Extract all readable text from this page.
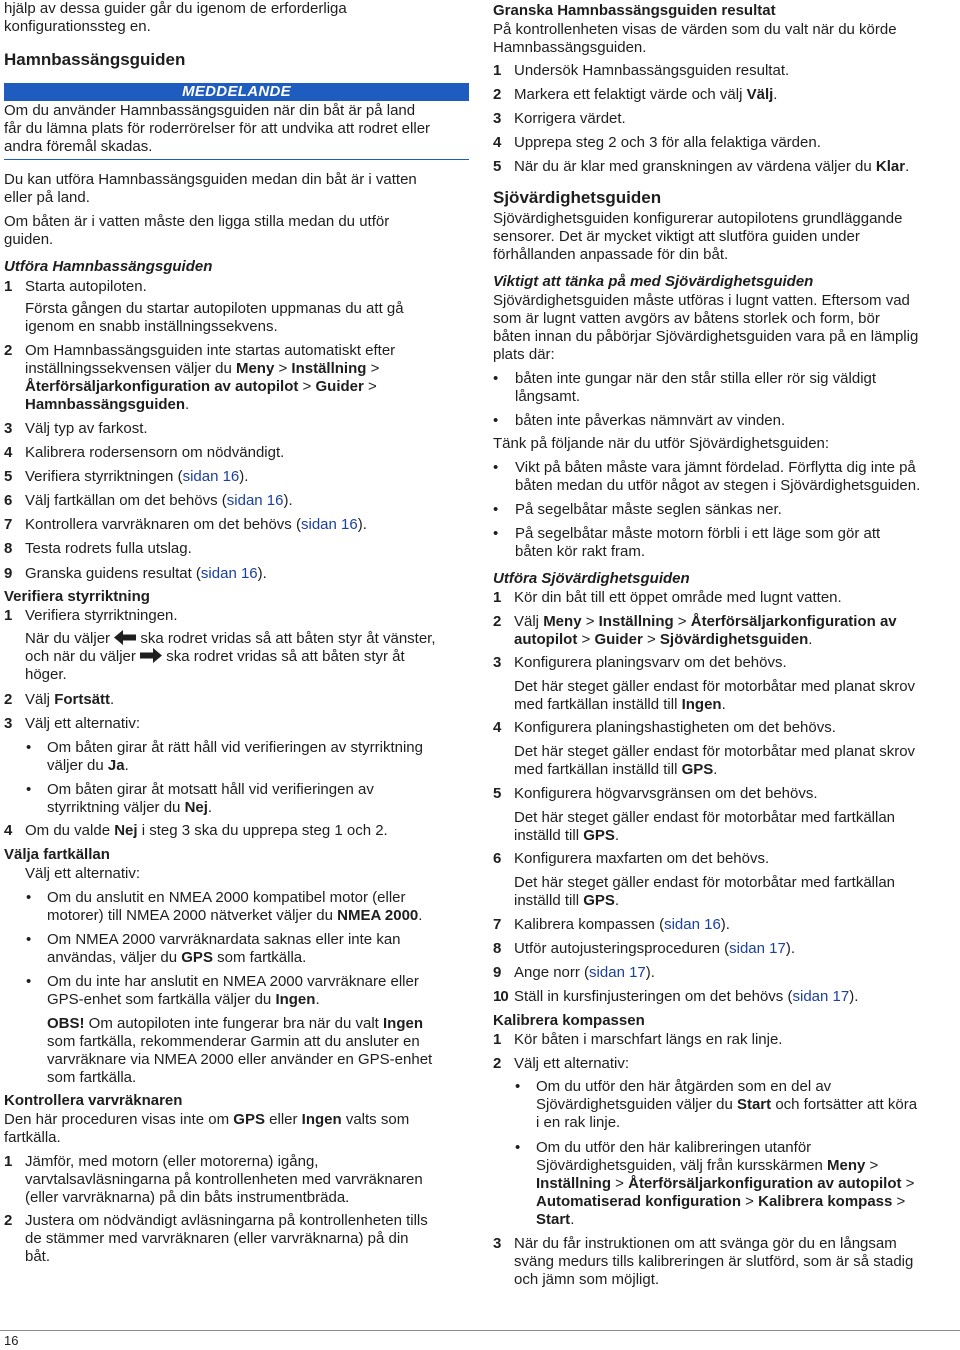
hjälp av dessa guider går du igenom de erforderliga
konfigurationssteg en.

Hamnbassängsguiden
MEDDELANDE

Om du använder Hamnbassängsguiden när din båt är på land
får du lämna plats för roderrörelser för att undvika att rodret eller
andra föremål skadas.

Du kan utföra Hamnbassängsguiden medan din båt är i vatten
eller på land.

Om båten är i vatten måste den ligga stilla medan du utför
guiden.

Utföra Hamnbassängsguiden
1 Starta autopiloten.

Första gången du startar autopiloten uppmanas du att gå
igenom en snabb inställningssekvens.

2 Om Hamnbassängsguiden inte startas automatiskt efter
inställningssekvensen väljer du Meny > Inställning >
Återförsäljarkonfiguration av autopilot > Guider >
Hamnbassängsguiden.
3 Välj typ av farkost.
4 Kalibrera rodersensorn om nödvändigt.
5 Verifiera styrriktningen (sidan 16).
6 Välj fartkällan om det behövs (sidan 16).
7 Kontrollera varvräknaren om det behövs (sidan 16).
8 Testa rodrets fulla utslag.
9 Granska guidens resultat (sidan 16).
Verifiera styrriktning
1 Verifiera styrriktningen.

När du väljer  ska rodret vridas så att båten styr åt vänster,
och när du väljer  ska rodret vridas så att båten styr åt
höger.

2 Välj Fortsätt.
3 Välj ett alternativ:

• Om båten girar åt rätt håll vid verifieringen av styrriktning
väljer du Ja.

• Om båten girar åt motsatt håll vid verifieringen av
styrriktning väljer du Nej.

4 Om du valde Nej i steg 3 ska du upprepa steg 1 och 2.
Välja fartkällan

Välj ett alternativ:

• Om du anslutit en NMEA 2000 kompatibel motor (eller
motorer) till NMEA 2000 nätverket väljer du NMEA 2000.

• Om NMEA 2000 varvräknardata saknas eller inte kan
användas, väljer du GPS som fartkälla.

• Om du inte har anslutit en NMEA 2000 varvräknare eller
GPS-enhet som fartkälla väljer du Ingen.

OBS! Om autopiloten inte fungerar bra när du valt Ingen
som fartkälla, rekommenderar Garmin att du ansluter en
varvräknare via NMEA 2000 eller använder en GPS-enhet
som fartkälla.

Kontrollera varvräknaren

Den här proceduren visas inte om GPS eller Ingen valts som
fartkälla.

1 Jämför, med motorn (eller motorerna) igång,
varvtalsavläsningarna på kontrollenheten med varvräknaren
(eller varvräknarna) på din båts instrumentbräda.
2 Justera om nödvändigt avläsningarna på kontrollenheten tills
de stämmer med varvräknaren (eller varvräknarna) på din
båt.
Granska Hamnbassängsguiden resultat

På kontrollenheten visas de värden som du valt när du körde
Hamnbassängsguiden.

1 Undersök Hamnbassängsguiden resultat.
2 Markera ett felaktigt värde och välj Välj.
3 Korrigera värdet.
4 Upprepa steg 2 och 3 för alla felaktiga värden.
5 När du är klar med granskningen av värdena väljer du Klar.
Sjövärdighetsguiden

Sjövärdighetsguiden konfigurerar autopilotens grundläggande
sensorer. Det är mycket viktigt att slutföra guiden under
förhållanden anpassade för din båt.

Viktigt att tänka på med Sjövärdighetsguiden

Sjövärdighetsguiden måste utföras i lugnt vatten. Eftersom vad
som är lugnt vatten avgörs av båtens storlek och form, bör
båten innan du påbörjar Sjövärdighetsguiden vara på en lämplig
plats där:

• båten inte gungar när den står stilla eller rör sig väldigt
långsamt.

• båten inte påverkas nämnvärt av vinden.

Tänk på följande när du utför Sjövärdighetsguiden:

• Vikt på båten måste vara jämnt fördelad. Förflytta dig inte på
båten medan du utför något av stegen i Sjövärdighetsguiden.

• På segelbåtar måste seglen sänkas ner.

• På segelbåtar måste motorn förbli i ett läge som gör att
båten kör rakt fram.

Utföra Sjövärdighetsguiden
1 Kör din båt till ett öppet område med lugnt vatten.
2 Välj Meny > Inställning > Återförsäljarkonfiguration av
autopilot > Guider > Sjövärdighetsguiden.
3 Konfigurera planingsvarv om det behövs.

Det här steget gäller endast för motorbåtar med planat skrov
med fartkällan inställd till Ingen.

4 Konfigurera planingshastigheten om det behövs.

Det här steget gäller endast för motorbåtar med planat skrov
med fartkällan inställd till GPS.

5 Konfigurera högvarvsgränsen om det behövs.

Det här steget gäller endast för motorbåtar med fartkällan
inställd till GPS.

6 Konfigurera maxfarten om det behövs.

Det här steget gäller endast för motorbåtar med fartkällan
inställd till GPS.

7 Kalibrera kompassen (sidan 16).
8 Utför autojusteringsproceduren (sidan 17).
9 Ange norr (sidan 17).
10 Ställ in kursfinjusteringen om det behövs (sidan 17).
Kalibrera kompassen
1 Kör båten i marschfart längs en rak linje.
2 Välj ett alternativ:

• Om du utför den här åtgärden som en del av
Sjövärdighetsguiden väljer du Start och fortsätter att köra
i en rak linje.

• Om du utför den här kalibreringen utanför
Sjövärdighetsguiden, välj från kursskärmen Meny >
Inställning > Återförsäljarkonfiguration av autopilot >
Automatiserad konfiguration > Kalibrera kompass >
Start.

3 När du får instruktionen om att svänga gör du en långsam
sväng medurs tills kalibreringen är slutförd, som är så stadig
och jämn som möjligt.
16
